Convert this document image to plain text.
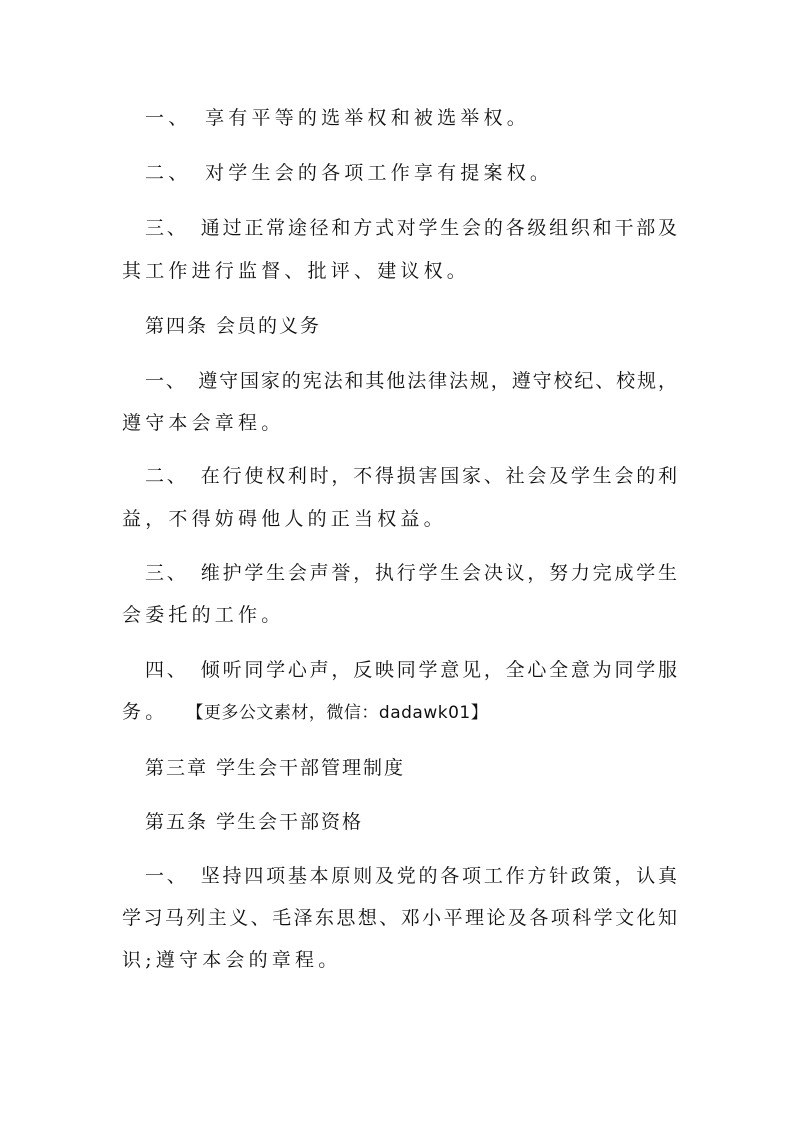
一、　享有平等的选举权和被选举权。
二、　对学生会的各项工作享有提案权。
三、　通过正常途径和方式对学生会的各级组织和干部及
其工作进行监督、批评、建议权。
第四条 会员的义务
一、　遵守国家的宪法和其他法律法规，遵守校纪、校规，
遵守本会章程。
二、　在行使权利时，不得损害国家、社会及学生会的利
益，不得妨碍他人的正当权益。
三、　维护学生会声誉，执行学生会决议，努力完成学生
会委托的工作。
四、　倾听同学心声，反映同学意见，全心全意为同学服
务。 【更多公文素材，微信：dadawk01】
第三章 学生会干部管理制度
第五条 学生会干部资格
一、　坚持四项基本原则及党的各项工作方针政策，认真
学习马列主义、毛泽东思想、邓小平理论及各项科学文化知
识;遵守本会的章程。
